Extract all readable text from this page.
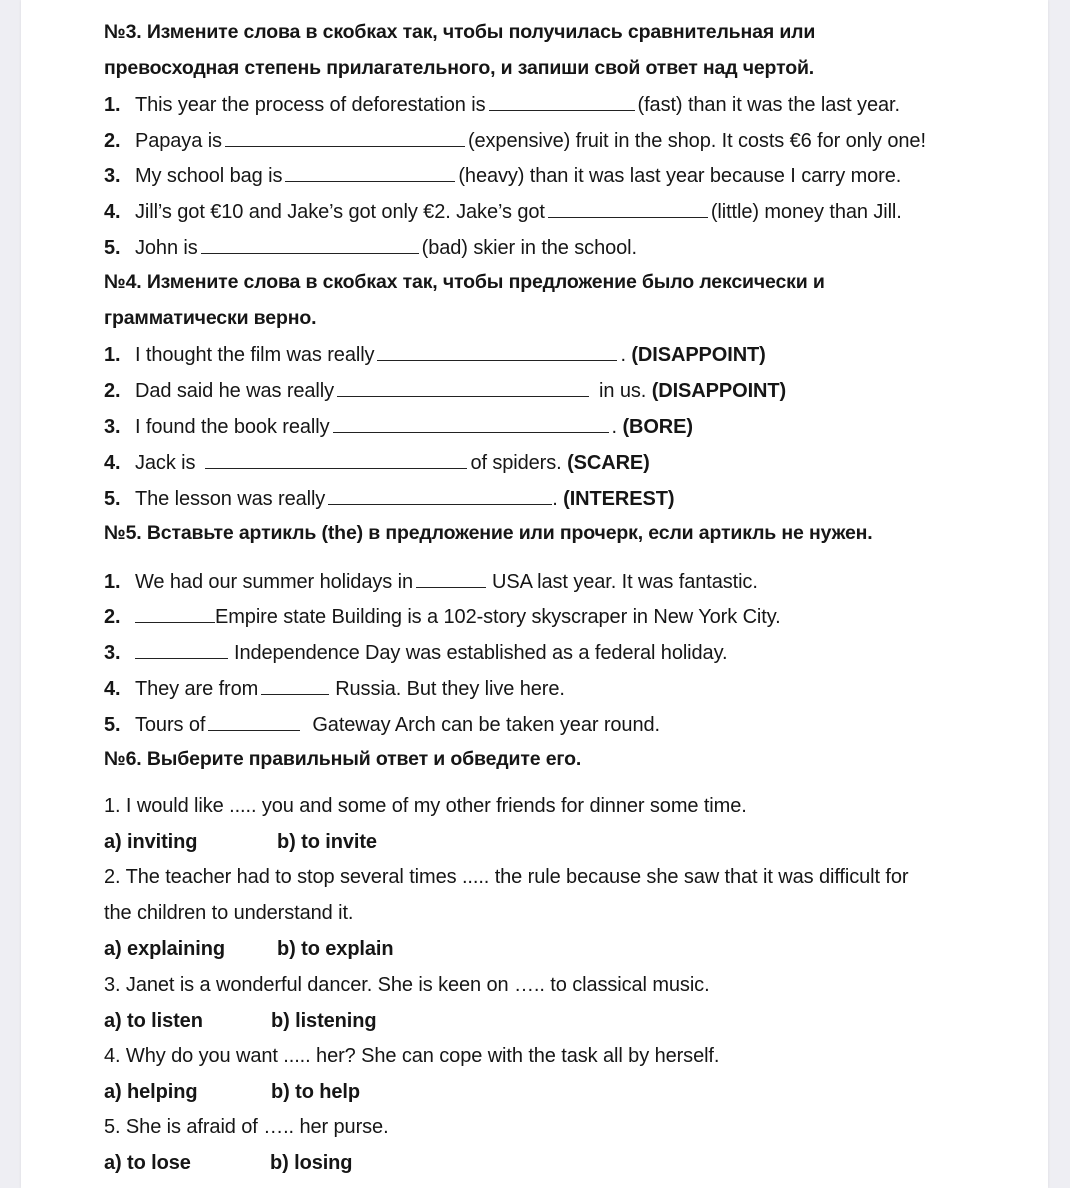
№3. Измените слова в скобках так, чтобы получилась сравнительная или
превосходная степень прилагательного, и запиши свой ответ над чертой.
1. This year the process of deforestation is	(fast) than it was the last year.
2. Papaya is	(expensive) fruit in the shop. It costs €6 for only one!
3. My school bag is	(heavy) than it was last year because I carry more.
4. Jill’s got €10 and Jake’s got only €2. Jake’s got	(little) money than Jill.
5. John is	(bad) skier in the school.
№4. Измените слова в скобках так, чтобы предложение было лексически и
грамматически верно.
1. I thought the film was really	. (DISAPPOINT)
2. Dad said he was really	in us. (DISAPPOINT)
3. I found the book really	. (BORE)
4. Jack is	of spiders. (SCARE)
5. The lesson was really	. (INTEREST)
№5. Вставьте артикль (the) в предложение или прочерк, если артикль не нужен.
1. We had our summer holidays in	USA last year. It was fantastic.
2.	Empire state Building is a 102-story skyscraper in New York City.
3.	Independence Day was established as a federal holiday.
4. They are from	Russia. But they live here.
5. Tours of	Gateway Arch can be taken year round.
№6. Выберите правильный ответ и обведите его.
1. I would like ..... you and some of my other friends for dinner some time.
a) inviting	b) to invite
2. The teacher had to stop several times ..... the rule because she saw that it was difficult for
the children to understand it.
a) explaining	b) to explain
3. Janet is a wonderful dancer. She is keen on ….. to classical music.
a) to listen	b) listening
4. Why do you want ..... her? She can cope with the task all by herself.
a) helping	b) to help
5. She is afraid of ….. her purse.
a) to lose	b) losing
